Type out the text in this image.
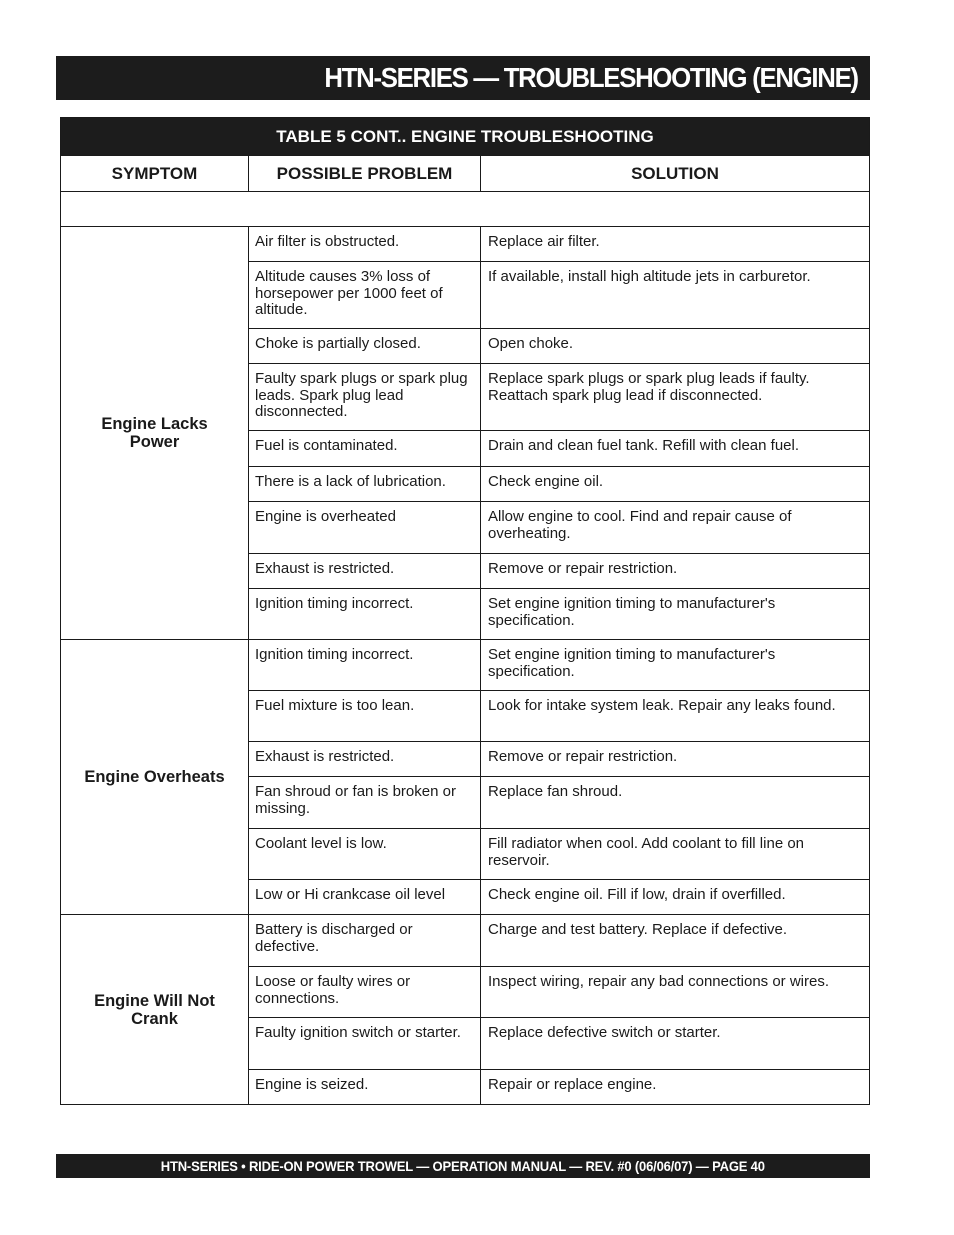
HTN-SERIES — TROUBLESHOOTING (ENGINE)
TABLE 5 CONT.. ENGINE TROUBLESHOOTING		
SYMPTOM	POSSIBLE PROBLEM	SOLUTION

Engine Lacks Power	Air filter is obstructed.	Replace air filter.
	Altitude causes 3% loss of horsepower per 1000 feet of altitude.	If available, install high altitude jets in carburetor.
	Choke is partially closed.	Open choke.
	Faulty spark plugs or spark plug leads. Spark plug lead disconnected.	Replace spark plugs or spark plug leads if faulty. Reattach spark plug lead if disconnected.
	Fuel is contaminated.	Drain and clean fuel tank. Refill with clean fuel.
	There is a lack of lubrication.	Check engine oil.
	Engine is overheated	Allow engine to cool. Find and repair cause of overheating.
	Exhaust is restricted.	Remove or repair restriction.
	Ignition timing incorrect.	Set engine ignition timing to manufacturer's specification.
Engine Overheats	Ignition timing incorrect.	Set engine ignition timing to manufacturer's specification.
	Fuel mixture is too lean.	Look for intake system leak. Repair any leaks found.
	Exhaust is restricted.	Remove or repair restriction.
	Fan shroud or fan is broken or missing.	Replace fan shroud.
	Coolant level is low.	Fill radiator when cool. Add coolant to fill line on reservoir.
	Low or Hi crankcase oil level	Check engine oil. Fill if low, drain if overfilled.
Engine Will Not Crank	Battery is discharged or defective.	Charge and test battery. Replace if defective.
	Loose or faulty wires or connections.	Inspect wiring, repair any bad connections or wires.
	Faulty ignition switch or starter.	Replace defective switch or starter.
	Engine is seized.	Repair or replace engine.
HTN-SERIES • RIDE-ON POWER TROWEL — OPERATION MANUAL — REV. #0 (06/06/07) — PAGE 40
